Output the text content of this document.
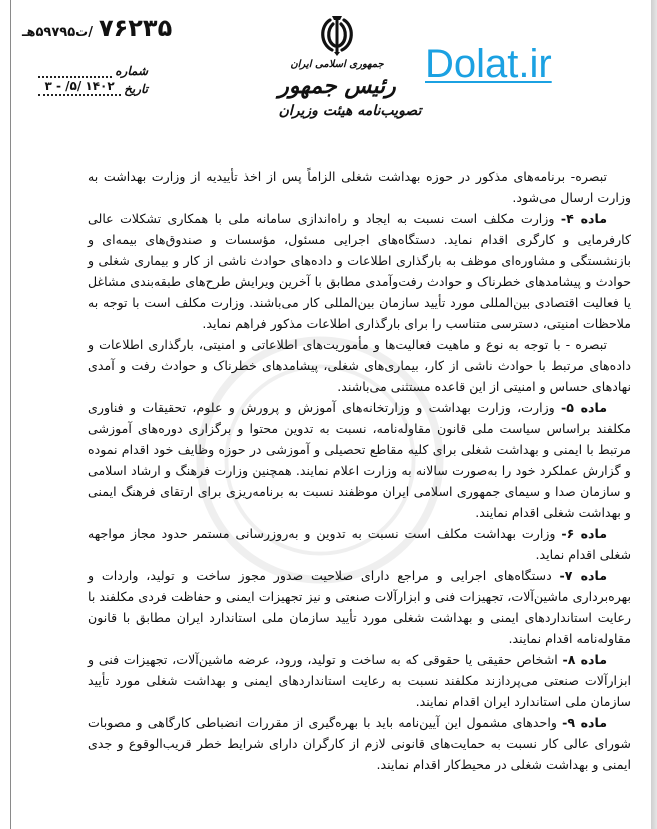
۷۶۲۳۵
/ت۵۹۷۹۵هـ
شماره
تاریخ
۱۴۰۲ /۵/ - ۳
جمهوری اسلامی ایران
رئیس جمهور
تصویب‌نامه هیئت وزیران
Dolat.ir

تبصره- برنامه‌های مذکور در حوزه بهداشت شغلی الزاماً پس از اخذ تأییدیه از وزارت بهداشت به وزارت ارسال می‌شود.

ماده ۴- وزارت مکلف است نسبت به ایجاد و راه‌اندازی سامانه ملی با همکاری تشکلات عالی کارفرمایی و کارگری اقدام نماید. دستگاه‌های اجرایی مسئول، مؤسسات و صندوق‌های بیمه‌ای و بازنشستگی و مشاوره‌ای موظف به بارگذاری اطلاعات و داده‌های حوادث ناشی از کار و بیماری شغلی و حوادث و پیشامدهای خطرناک و حوادث رفت‌وآمدی مطابق با آخرین ویرایش طرح‌های طبقه‌بندی مشاغل یا فعالیت اقتصادی بین‌المللی مورد تأیید سازمان بین‌المللی کار می‌باشند. وزارت مکلف است با توجه به ملاحظات امنیتی، دسترسی متناسب را برای بارگذاری اطلاعات مذکور فراهم نماید.

تبصره - با توجه به نوع و ماهیت فعالیت‌ها و مأموریت‌های اطلاعاتی و امنیتی، بارگذاری اطلاعات و داده‌های مرتبط با حوادث ناشی از کار، بیماری‌های شغلی، پیشامدهای خطرناک و حوادث رفت و آمدی نهادهای حساس و امنیتی از این قاعده مستثنی می‌باشند.

ماده ۵- وزارت، وزارت بهداشت و وزارتخانه‌های آموزش و پرورش و علوم، تحقیقات و فناوری مکلفند براساس سیاست ملی قانون مقاوله‌نامه، نسبت به تدوین محتوا و برگزاری دوره‌های آموزشی مرتبط با ایمنی و بهداشت شغلی برای کلیه مقاطع تحصیلی و آموزشی در حوزه وظایف خود اقدام نموده و گزارش عملکرد خود را به‌صورت سالانه به وزارت اعلام نمایند. همچنین وزارت فرهنگ و ارشاد اسلامی و سازمان صدا و سیمای جمهوری اسلامی ایران موظفند نسبت به برنامه‌ریزی برای ارتقای فرهنگ ایمنی و بهداشت شغلی اقدام نمایند.

ماده ۶- وزارت بهداشت مکلف است نسبت به تدوین و به‌روزرسانی مستمر حدود مجاز مواجهه شغلی اقدام نماید.

ماده ۷- دستگاه‌های اجرایی و مراجع دارای صلاحیت صدور مجوز ساخت و تولید، واردات و بهره‌برداری ماشین‌آلات، تجهیزات فنی و ابزارآلات صنعتی و نیز تجهیزات ایمنی و حفاظت فردی مکلفند با رعایت استانداردهای ایمنی و بهداشت شغلی مورد تأیید سازمان ملی استاندارد ایران مطابق با قانون مقاوله‌نامه اقدام نمایند.

ماده ۸- اشخاص حقیقی یا حقوقی که به ساخت و تولید، ورود، عرضه ماشین‌آلات، تجهیزات فنی و ابزارآلات صنعتی می‌پردازند مکلفند نسبت به رعایت استانداردهای ایمنی و بهداشت شغلی مورد تأیید سازمان ملی استاندارد ایران اقدام نمایند.

ماده ۹- واحدهای مشمول این آیین‌نامه باید با بهره‌گیری از مقررات انضباطی کارگاهی و مصوبات شورای عالی کار نسبت به حمایت‌های قانونی لازم از کارگران دارای شرایط خطر قریب‌الوقوع و جدی ایمنی و بهداشت شغلی در محیط‌کار اقدام نمایند.
